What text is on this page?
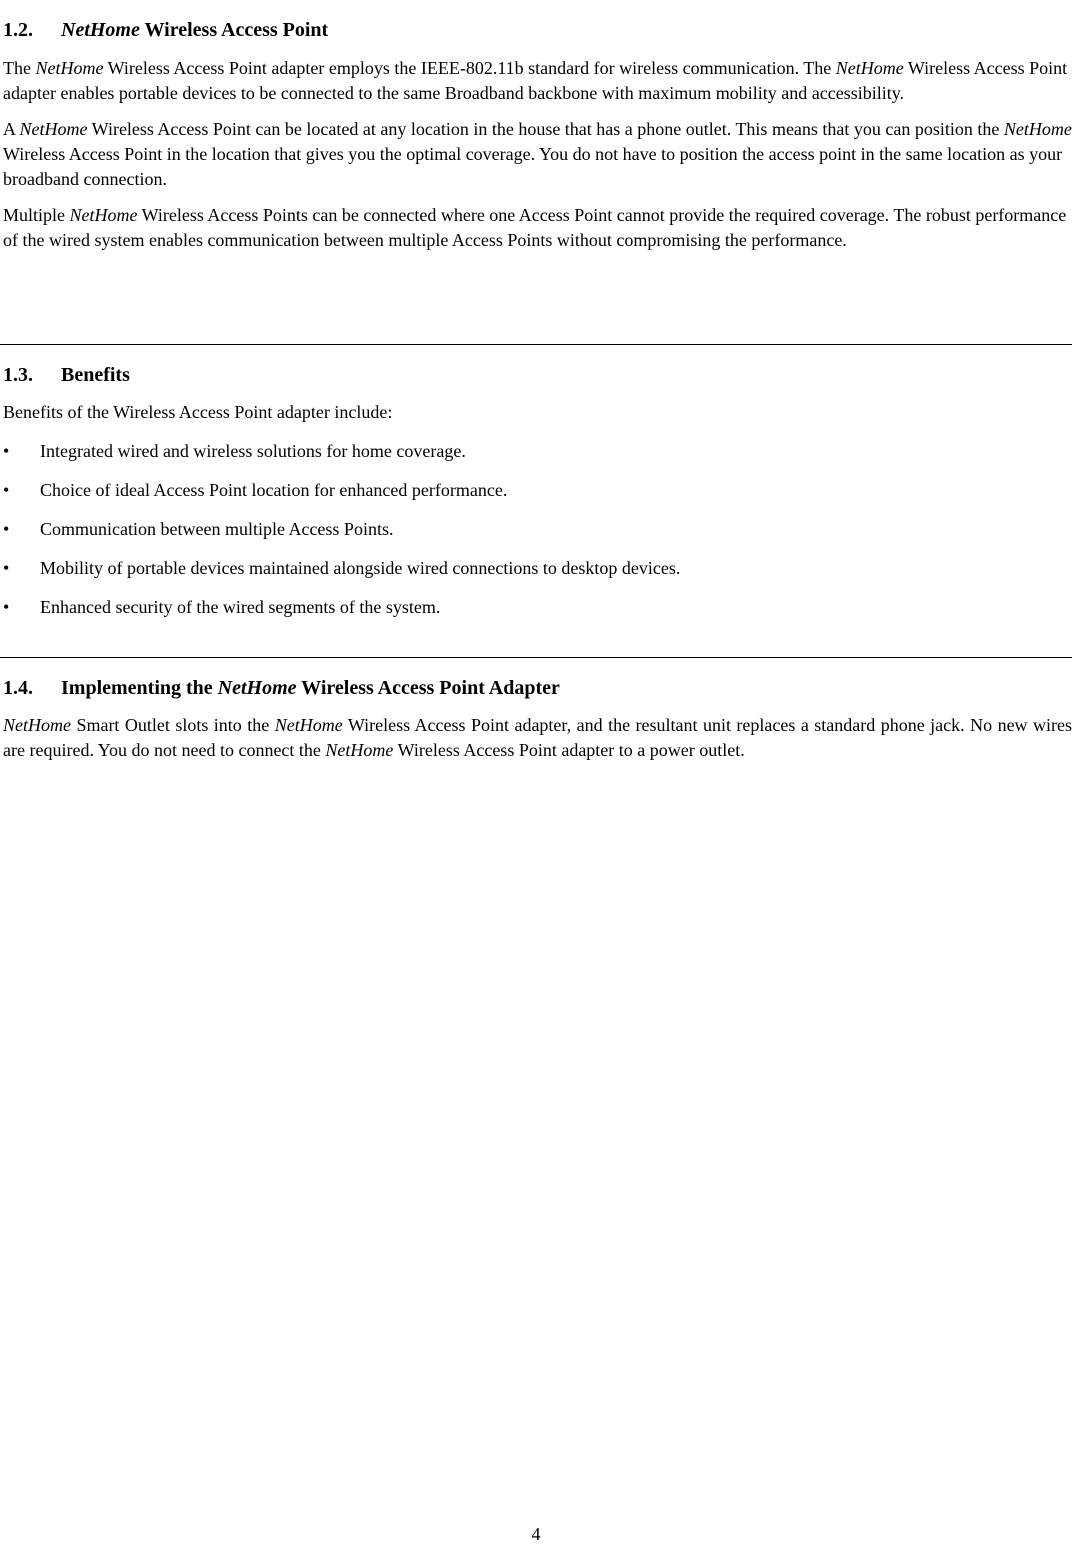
1.2. NetHome Wireless Access Point

The NetHome Wireless Access Point adapter employs the IEEE-802.11b standard for wireless communication. The NetHome Wireless Access Point adapter enables portable devices to be connected to the same Broadband backbone with maximum mobility and accessibility.

A NetHome Wireless Access Point can be located at any location in the house that has a phone outlet. This means that you can position the NetHome Wireless Access Point in the location that gives you the optimal coverage. You do not have to position the access point in the same location as your broadband connection.

Multiple NetHome Wireless Access Points can be connected where one Access Point cannot provide the required coverage. The robust performance of the wired system enables communication between multiple Access Points without compromising the performance.

1.3. Benefits

Benefits of the Wireless Access Point adapter include:

• Integrated wired and wireless solutions for home coverage.
• Choice of ideal Access Point location for enhanced performance.
• Communication between multiple Access Points.
• Mobility of portable devices maintained alongside wired connections to desktop devices.
• Enhanced security of the wired segments of the system.
1.4. Implementing the NetHome Wireless Access Point Adapter

NetHome Smart Outlet slots into the NetHome Wireless Access Point adapter, and the resultant unit replaces a standard phone jack. No new wires are required. You do not need to connect the NetHome Wireless Access Point adapter to a power outlet.

4
